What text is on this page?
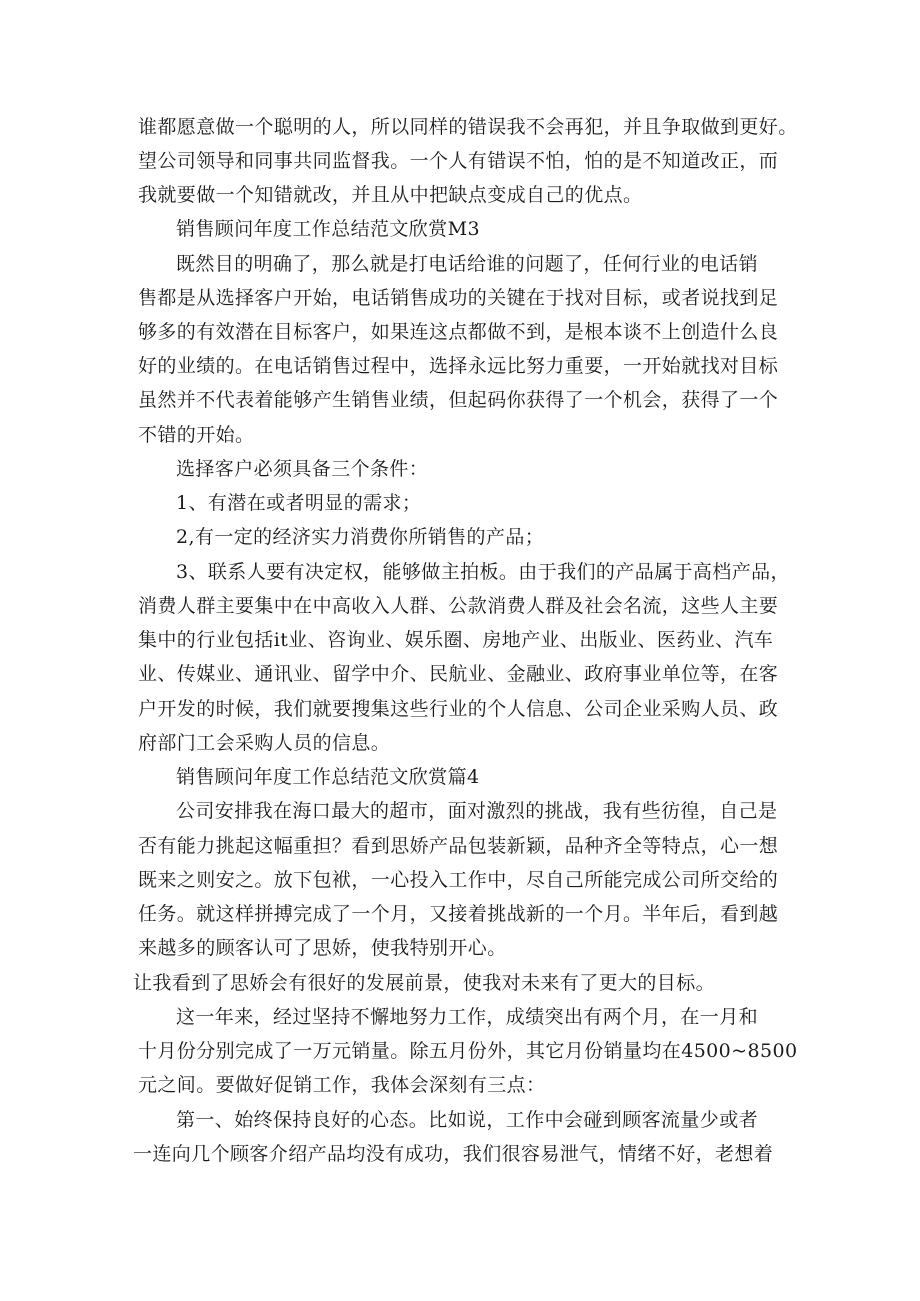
谁都愿意做一个聪明的人，所以同样的错误我不会再犯，并且争取做到更好。
望公司领导和同事共同监督我。一个人有错误不怕，怕的是不知道改正，而
我就要做一个知错就改，并且从中把缺点变成自己的优点。
销售顾问年度工作总结范文欣赏M3
既然目的明确了，那么就是打电话给谁的问题了，任何行业的电话销
售都是从选择客户开始，电话销售成功的关键在于找对目标，或者说找到足
够多的有效潜在目标客户，如果连这点都做不到，是根本谈不上创造什么良
好的业绩的。在电话销售过程中，选择永远比努力重要，一开始就找对目标
虽然并不代表着能够产生销售业绩，但起码你获得了一个机会，获得了一个
不错的开始。
选择客户必须具备三个条件：
1、有潜在或者明显的需求；
2,有一定的经济实力消费你所销售的产品；
3、联系人要有决定权，能够做主拍板。由于我们的产品属于高档产品，
消费人群主要集中在中高收入人群、公款消费人群及社会名流，这些人主要
集中的行业包括it业、咨询业、娱乐圈、房地产业、出版业、医药业、汽车
业、传媒业、通讯业、留学中介、民航业、金融业、政府事业单位等，在客
户开发的时候，我们就要搜集这些行业的个人信息、公司企业采购人员、政
府部门工会采购人员的信息。
销售顾问年度工作总结范文欣赏篇4
公司安排我在海口最大的超市，面对激烈的挑战，我有些彷徨，自己是
否有能力挑起这幅重担？看到思娇产品包装新颖，品种齐全等特点，心一想
既来之则安之。放下包袱，一心投入工作中，尽自己所能完成公司所交给的
任务。就这样拼搏完成了一个月，又接着挑战新的一个月。半年后，看到越
来越多的顾客认可了思娇，使我特别开心。
让我看到了思娇会有很好的发展前景，使我对未来有了更大的目标。
这一年来，经过坚持不懈地努力工作，成绩突出有两个月，在一月和
十月份分别完成了一万元销量。除五月份外，其它月份销量均在4500~8500
元之间。要做好促销工作，我体会深刻有三点：
第一、始终保持良好的心态。比如说，工作中会碰到顾客流量少或者
一连向几个顾客介绍产品均没有成功，我们很容易泄气，情绪不好，老想着
